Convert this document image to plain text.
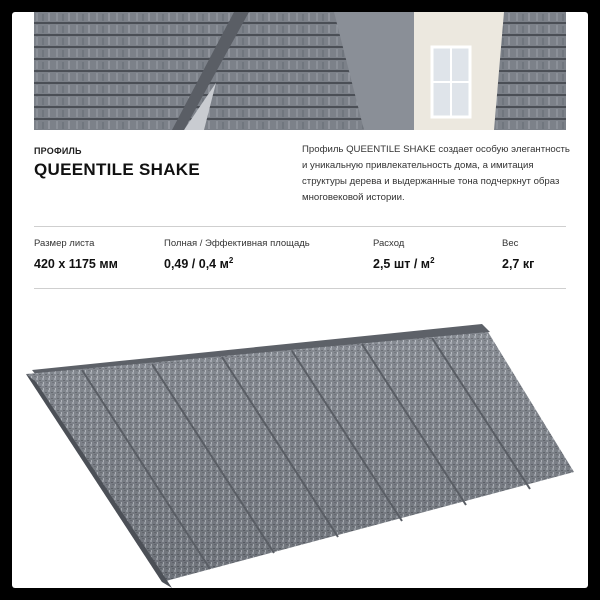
ПРОФИЛЬ
QUEENTILE SHAKE
Профиль QUEENTILE SHAKE создает особую элегантность и уникальную привлекательность дома, а имитация структуры дерева и выдержанные тона подчеркнут образ многовековой истории.
Размер листа
420 х 1175 мм
Полная / Эффективная площадь
0,49 / 0,4 $м^2$
Расход
2,5 шт / $м^2$
Вес
2,7 кг
